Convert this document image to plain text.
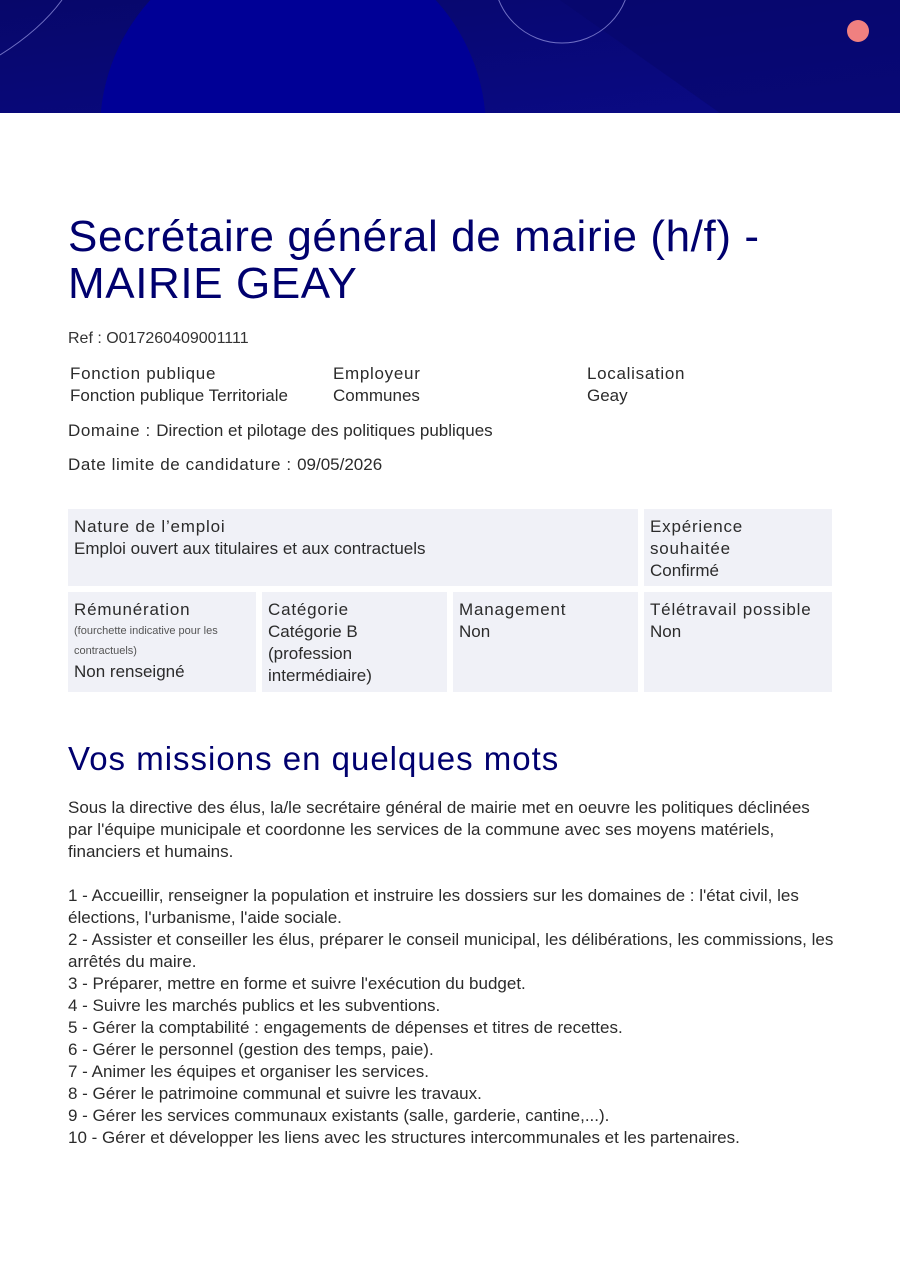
Secrétaire général de mairie (h/f) -
MAIRIE GEAY
Ref : O017260409001111
Fonction publique
Fonction publique Territoriale
Employeur
Communes
Localisation
Geay
Domaine : Direction et pilotage des politiques publiques
Date limite de candidature : 09/05/2026
Nature de l’emploi
Emploi ouvert aux titulaires et aux contractuels
Expérience
souhaitée
Confirmé
Rémunération
(fourchette indicative pour les
contractuels)
Non renseigné
Catégorie
Catégorie B
(profession
intermédiaire)
Management
Non
Télétravail possible
Non
Vos missions en quelques mots

Sous la directive des élus, la/le secrétaire général de mairie met en oeuvre les politiques déclinées par l'équipe municipale et coordonne les services de la commune avec ses moyens matériels, financiers et humains.

1 - Accueillir, renseigner la population et instruire les dossiers sur les domaines de : l'état civil, les élections, l'urbanisme, l'aide sociale.

2 - Assister et conseiller les élus, préparer le conseil municipal, les délibérations, les commissions, les arrêtés du maire.

3 - Préparer, mettre en forme et suivre l'exécution du budget.

4 - Suivre les marchés publics et les subventions.

5 - Gérer la comptabilité : engagements de dépenses et titres de recettes.

6 - Gérer le personnel (gestion des temps, paie).

7 - Animer les équipes et organiser les services.

8 - Gérer le patrimoine communal et suivre les travaux.

9 - Gérer les services communaux existants (salle, garderie, cantine,...).

10 - Gérer et développer les liens avec les structures intercommunales et les partenaires.
